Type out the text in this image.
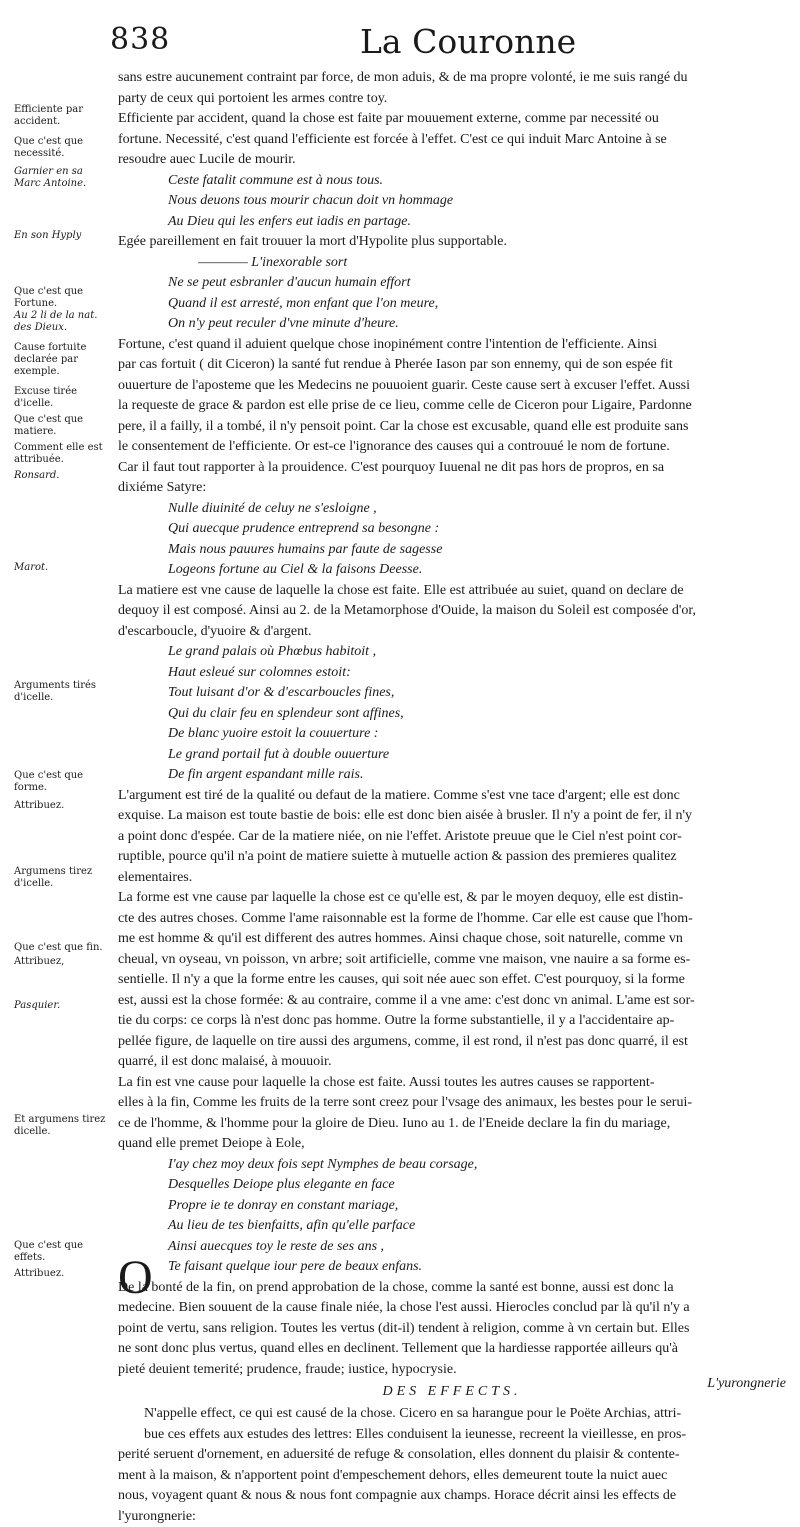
838	La Couronne
Efficiente par accident.
Que c'est que necessité.
Garnier en sa Marc Antoine.
En son Hyply
Que c'est que Fortune.
Au 2 li de la nat. des Dieux.
Cause fortuite declarée par exemple.
Excuse tirée d'icelle.
Que c'est que matiere.
Comment elle est attribuée.
Ronsard.
Marot.
Arguments tirés d'icelle.
Que c'est que forme.
Attribuez.
Argumens tirez d'icelle.
Que c'est que fin.
Attribuez,
Pasquier.
Et argumens tirez dicelle.
Que c'est que effets.
Attribuez.
sans estre aucunement contraint par force, de mon aduis, & de ma propre volonté, ie me suis rangé du
party de ceux qui portoient les armes contre toy.
Efficiente par accident, quand la chose est faite par mouuement externe, comme par necessité ou
fortune. Necessité, c'est quand l'efficiente est forcée à l'effet. C'est ce qui induit Marc Antoine à se
resoudre auec Lucile de mourir.
Ceste fatalit commune est à nous tous.
Nous deuons tous mourir chacun doit vn hommage
Au Dieu qui les enfers eut iadis en partage.
Egée pareillement en fait trouuer la mort d'Hypolite plus supportable.
———— L'inexorable sort
Ne se peut esbranler d'aucun humain effort
Quand il est arresté, mon enfant que l'on meure,
On n'y peut reculer d'vne minute d'heure.
Fortune, c'est quand il aduient quelque chose inopinément contre l'intention de l'efficiente. Ainsi
par cas fortuit ( dit Ciceron) la santé fut rendue à Pherée Iason par son ennemy, qui de son espée fit
ouuerture de l'aposteme que les Medecins ne pouuoient guarir. Ceste cause sert à excuser l'effet. Aussi
la requeste de grace & pardon est elle prise de ce lieu, comme celle de Ciceron pour Ligaire, Pardonne
pere, il a failly, il a tombé, il n'y pensoit point. Car la chose est excusable, quand elle est produite sans
le consentement de l'efficiente. Or est-ce l'ignorance des causes qui a controuué le nom de fortune.
Car il faut tout rapporter à la prouidence. C'est pourquoy Iuuenal ne dit pas hors de propros, en sa
dixiéme Satyre:
Nulle diuinité de celuy ne s'esloigne ,
Qui auecque prudence entreprend sa besongne :
Mais nous pauures humains par faute de sagesse
Logeons fortune au Ciel & la faisons Deesse.
La matiere est vne cause de laquelle la chose est faite. Elle est attribuée au suiet, quand on declare de
dequoy il est composé. Ainsi au 2. de la Metamorphose d'Ouide, la maison du Soleil est composée d'or,
d'escarboucle, d'yuoire & d'argent.
Le grand palais où Phœbus habitoit ,
Haut esleué sur colomnes estoit:
Tout luisant d'or & d'escarboucles fines,
Qui du clair feu en splendeur sont affines,
De blanc yuoire estoit la couuerture :
Le grand portail fut à double ouuerture
De fin argent espandant mille rais.
L'argument est tiré de la qualité ou defaut de la matiere. Comme s'est vne tace d'argent; elle est donc
exquise. La maison est toute bastie de bois: elle est donc bien aisée à brusler. Il n'y a point de fer, il n'y
a point donc d'espée. Car de la matiere niée, on nie l'effet. Aristote preuue que le Ciel n'est point cor-
ruptible, pource qu'il n'a point de matiere suiette à mutuelle action & passion des premieres qualitez
elementaires.
La forme est vne cause par laquelle la chose est ce qu'elle est, & par le moyen dequoy, elle est distin-
cte des autres choses. Comme l'ame raisonnable est la forme de l'homme. Car elle est cause que l'hom-
me est homme & qu'il est different des autres hommes. Ainsi chaque chose, soit naturelle, comme vn
cheual, vn oyseau, vn poisson, vn arbre; soit artificielle, comme vne maison, vne nauire a sa forme es-
sentielle. Il n'y a que la forme entre les causes, qui soit née auec son effet. C'est pourquoy, si la forme
est, aussi est la chose formée: & au contraire, comme il a vne ame: c'est donc vn animal. L'ame est sor-
tie du corps: ce corps là n'est donc pas homme. Outre la forme substantielle, il y a l'accidentaire ap-
pellée figure, de laquelle on tire aussi des argumens, comme, il est rond, il n'est pas donc quarré, il est
quarré, il est donc malaisé, à mouuoir.
La fin est vne cause pour laquelle la chose est faite. Aussi toutes les autres causes se rapportent-
elles à la fin, Comme les fruits de la terre sont creez pour l'vsage des animaux, les bestes pour le serui-
ce de l'homme, & l'homme pour la gloire de Dieu. Iuno au 1. de l'Eneide declare la fin du mariage,
quand elle premet Deiope à Eole,
I'ay chez moy deux fois sept Nymphes de beau corsage,
Desquelles Deiope plus elegante en face
Propre ie te donray en constant mariage,
Au lieu de tes bienfaitts, afin qu'elle parface
Ainsi auecques toy le reste de ses ans ,
Te faisant quelque iour pere de beaux enfans.
De la bonté de la fin, on prend approbation de la chose, comme la santé est bonne, aussi est donc la
medecine. Bien souuent de la cause finale niée, la chose l'est aussi. Hierocles conclud par là qu'il n'y a
point de vertu, sans religion. Toutes les vertus (dit-il) tendent à religion, comme à vn certain but. Elles
ne sont donc plus vertus, quand elles en declinent. Tellement que la hardiesse rapportée ailleurs qu'à
pieté deuient temerité; prudence, fraude; iustice, hypocrysie.
DES EFFECTS.
N'appelle effect, ce qui est causé de la chose. Cicero en sa harangue pour le Poëte Archias, attri-
bue ces effets aux estudes des lettres: Elles conduisent la ieunesse, recreent la vieillesse, en pros-
perité seruent d'ornement, en aduersité de refuge & consolation, elles donnent du plaisir & contente-
ment à la maison, & n'apportent point d'empeschement dehors, elles demeurent toute la nuict auec
nous, voyagent quant & nous & nous font compagnie aux champs. Horace décrit ainsi les effects de
l'yurongnerie:
O
L'yurongnerie
